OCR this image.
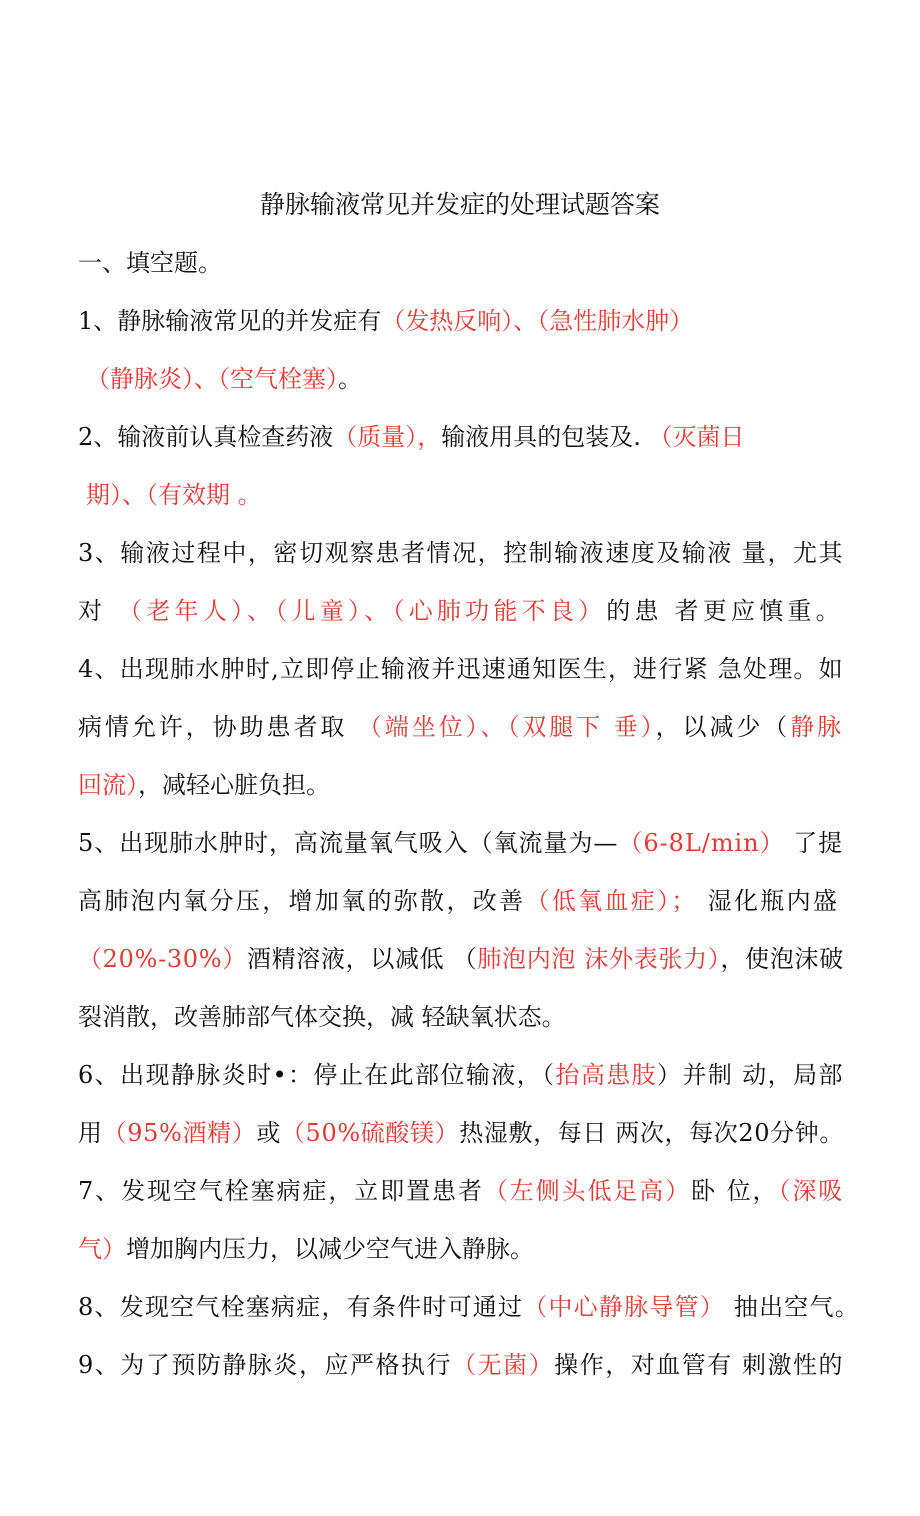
静脉输液常见并发症的处理试题答案
一、填空题。
1、静脉输液常见的并发症有（发热反响）、（急性肺水肿）
（静脉炎）、（空气栓塞）。
2、输液前认真检查药液（质量），输液用具的包装及. （灭菌日
期）、（有效期 。
3、输液过程中，密切观察患者情况，控制输液速度及输液 量，尤其
对 （老年人）、（儿童）、（心肺功能不良）的患 者更应慎重。
4、出现肺水肿时,立即停止输液并迅速通知医生，进行紧 急处理。如
病情允许，协助患者取 （端坐位）、（双腿下 垂），以减少（静脉
回流），减轻心脏负担。
5、出现肺水肿时，高流量氧气吸入（氧流量为—（6-8L/min） 了提
高肺泡内氧分压，增加氧的弥散，改善（低氧血症）； 湿化瓶内盛
（20%-30%）酒精溶液，以减低 （肺泡内泡 沫外表张力），使泡沫破
裂消散，改善肺部气体交换，减 轻缺氧状态。
6、出现静脉炎时•：停止在此部位输液，（抬高患肢）并制 动，局部
用（95%酒精）或（50%硫酸镁）热湿敷，每日 两次，每次20分钟。
7、发现空气栓塞病症，立即置患者（左侧头低足高）卧 位，（深吸
气）增加胸内压力，以减少空气进入静脉。
8、发现空气栓塞病症，有条件时可通过（中心静脉导管） 抽出空气。
9、为了预防静脉炎，应严格执行（无菌）操作，对血管有 刺激性的
